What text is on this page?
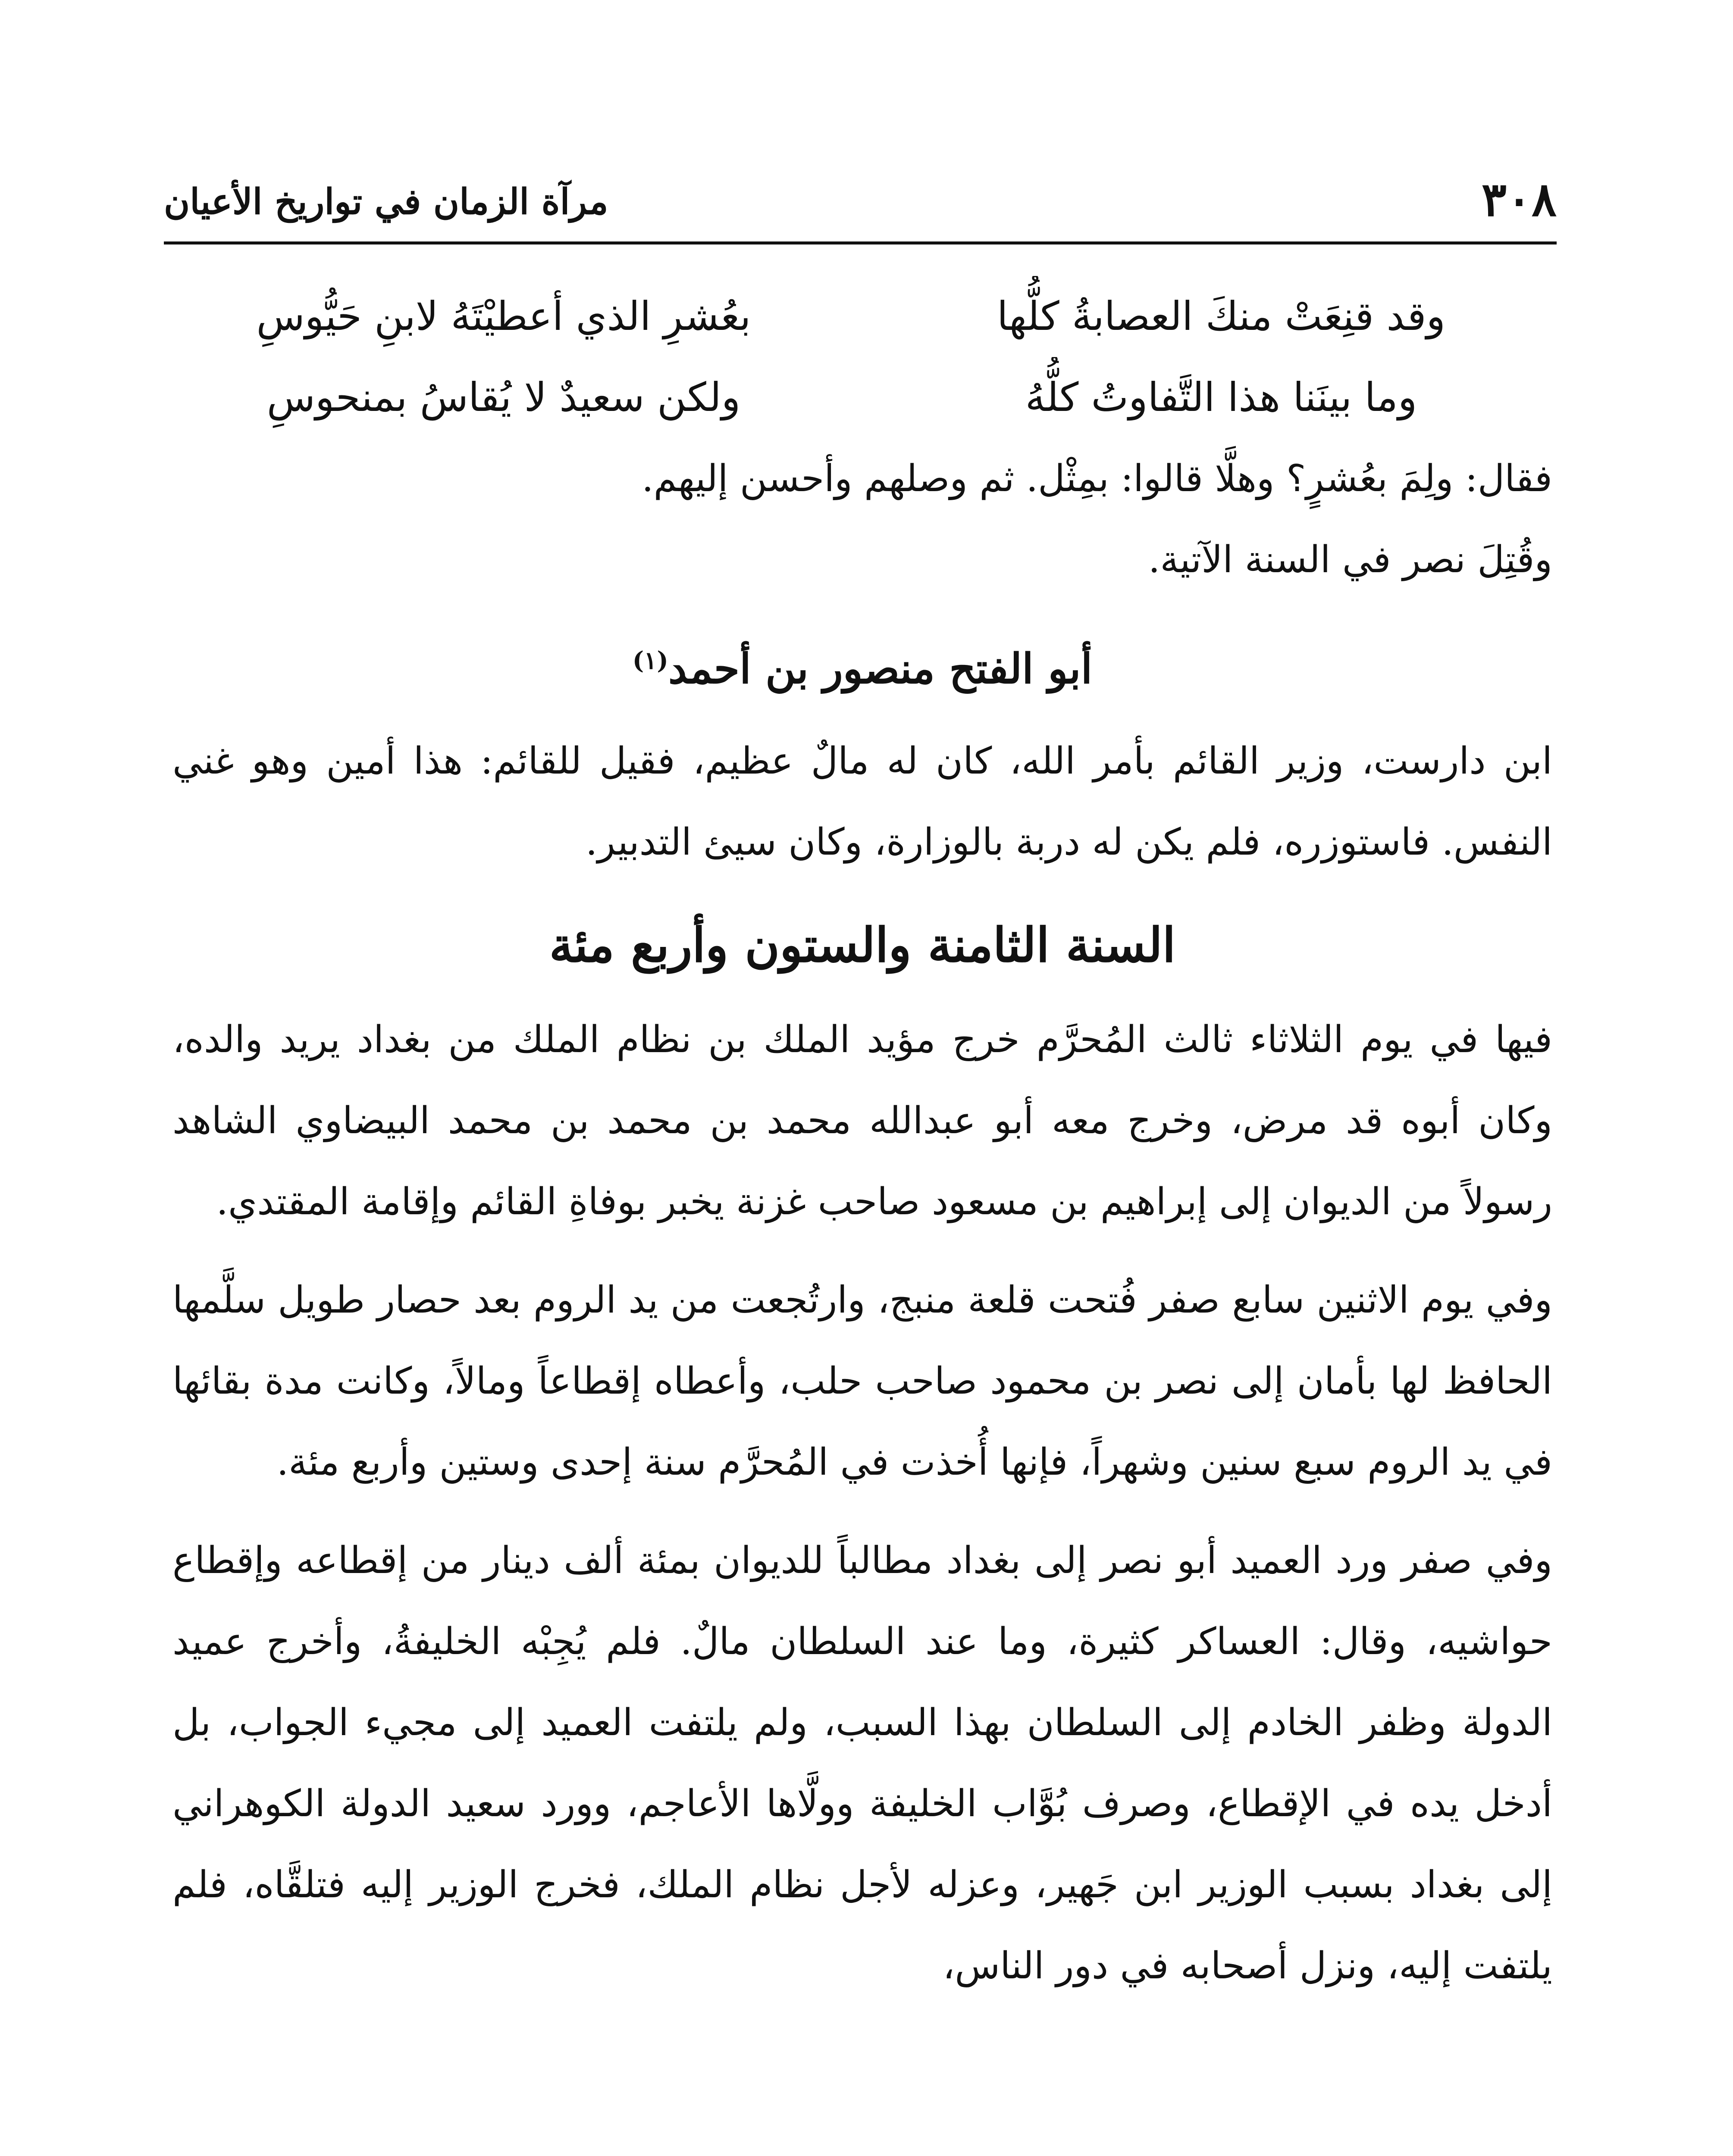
٣٠٨
مرآة الزمان في تواريخ الأعيان
وقد قنِعَتْ منكَ العصابةُ كلُّها
بعُشرِ الذي أعطيْتَهُ لابنِ حَيُّوسِ
وما بينَنا هذا التَّفاوتُ كلُّهُ
ولكن سعيدٌ لا يُقاسُ بمنحوسِ

فقال: ولِمَ بعُشرٍ؟ وهلَّا قالوا: بمِثْل. ثم وصلهم وأحسن إليهم.

وقُتِلَ نصر في السنة الآتية.

أبو الفتح منصور بن أحمد$^{(١)}$

ابن دارست، وزير القائم بأمر الله، كان له مالٌ عظيم، فقيل للقائم: هذا أمين وهو غني النفس. فاستوزره، فلم يكن له دربة بالوزارة، وكان سيئ التدبير.

السنة الثامنة والستون وأربع مئة

فيها في يوم الثلاثاء ثالث المُحرَّم خرج مؤيد الملك بن نظام الملك من بغداد يريد والده، وكان أبوه قد مرض، وخرج معه أبو عبدالله محمد بن محمد بن محمد البيضاوي الشاهد رسولاً من الديوان إلى إبراهيم بن مسعود صاحب غزنة يخبر بوفاةِ القائم وإقامة المقتدي.

وفي يوم الاثنين سابع صفر فُتحت قلعة منبج، وارتُجعت من يد الروم بعد حصار طويل سلَّمها الحافظ لها بأمان إلى نصر بن محمود صاحب حلب، وأعطاه إقطاعاً ومالاً، وكانت مدة بقائها في يد الروم سبع سنين وشهراً، فإنها أُخذت في المُحرَّم سنة إحدى وستين وأربع مئة.

وفي صفر ورد العميد أبو نصر إلى بغداد مطالباً للديوان بمئة ألف دينار من إقطاعه وإقطاع حواشيه، وقال: العساكر كثيرة، وما عند السلطان مالٌ. فلم يُجِبْه الخليفةُ، وأخرج عميد الدولة وظفر الخادم إلى السلطان بهذا السبب، ولم يلتفت العميد إلى مجيء الجواب، بل أدخل يده في الإقطاع، وصرف بُوَّاب الخليفة وولَّاها الأعاجم، وورد سعيد الدولة الكوهراني إلى بغداد بسبب الوزير ابن جَهير، وعزله لأجل نظام الملك، فخرج الوزير إليه فتلقَّاه، فلم يلتفت إليه، ونزل أصحابه في دور الناس،
